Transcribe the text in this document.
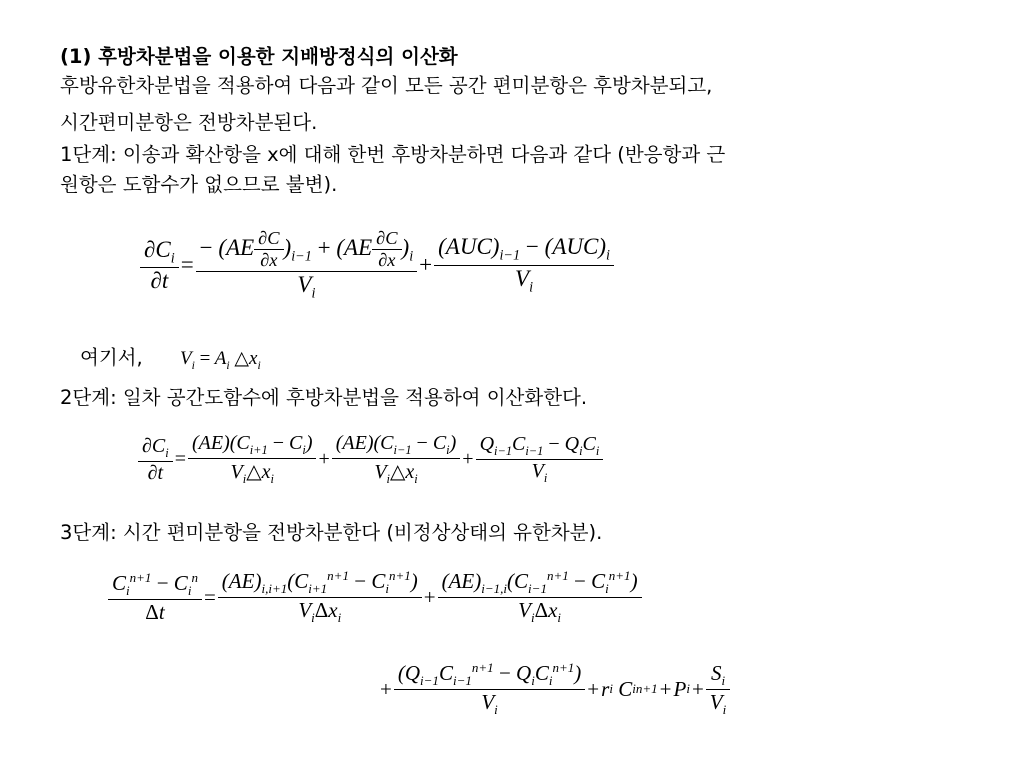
(1) 후방차분법을 이용한 지배방정식의 이산화
후방유한차분법을 적용하여 다음과 같이 모든 공간 편미분항은 후방차분되고,
시간편미분항은 전방차분된다.
1단계: 이송과 확산항을 x에 대해 한번 후방차분하면 다음과 같다 (반응항과 근
원항은 도함수가 없으므로 불변).
여기서,
2단계: 일차 공간도함수에 후방차분법을 적용하여 이산화한다.
3단계: 시간 편미분항을 전방차분한다 (비정상상태의 유한차분).
$\frac{\partial C_i}{\partial t} = \frac{- (AE \frac{\partial C}{\partial x} )_{i-1} + (AE \frac{\partial C}{\partial x} )_i}{V_i} + \frac{(AUC)_{i-1} - (AUC)_i}{V_i}$
$V_i = A_i$ $\triangle x_i$
$\frac{\partial C_i}{\partial t} = \frac{(AE)(C_{i+1} - C_i)}{V_i\triangle x_i} + \frac{(AE)(C_{i-1} - C_i)}{V_i\triangle x_i} + \frac{Q_{i-1}C_{i-1} - Q_iC_i}{V_i}$
$\frac{C_i^{n+1} - C_i^n}{\Delta t} = \frac{(AE)_{i,i+1}(C_{i+1}^{n+1} - C_i^{n+1})}{V_i\Delta x_i} + \frac{(AE)_{i-1,i}(C_{i-1}^{n+1} - C_i^{n+1})}{V_i\Delta x_i}$
+ $\frac{(Q_{i-1}C_{i-1}^{n+1} - Q_iC_i^{n+1})}{V_i} + r$ i C i n+1 + P $i + \frac{S_i}{V_i}$
